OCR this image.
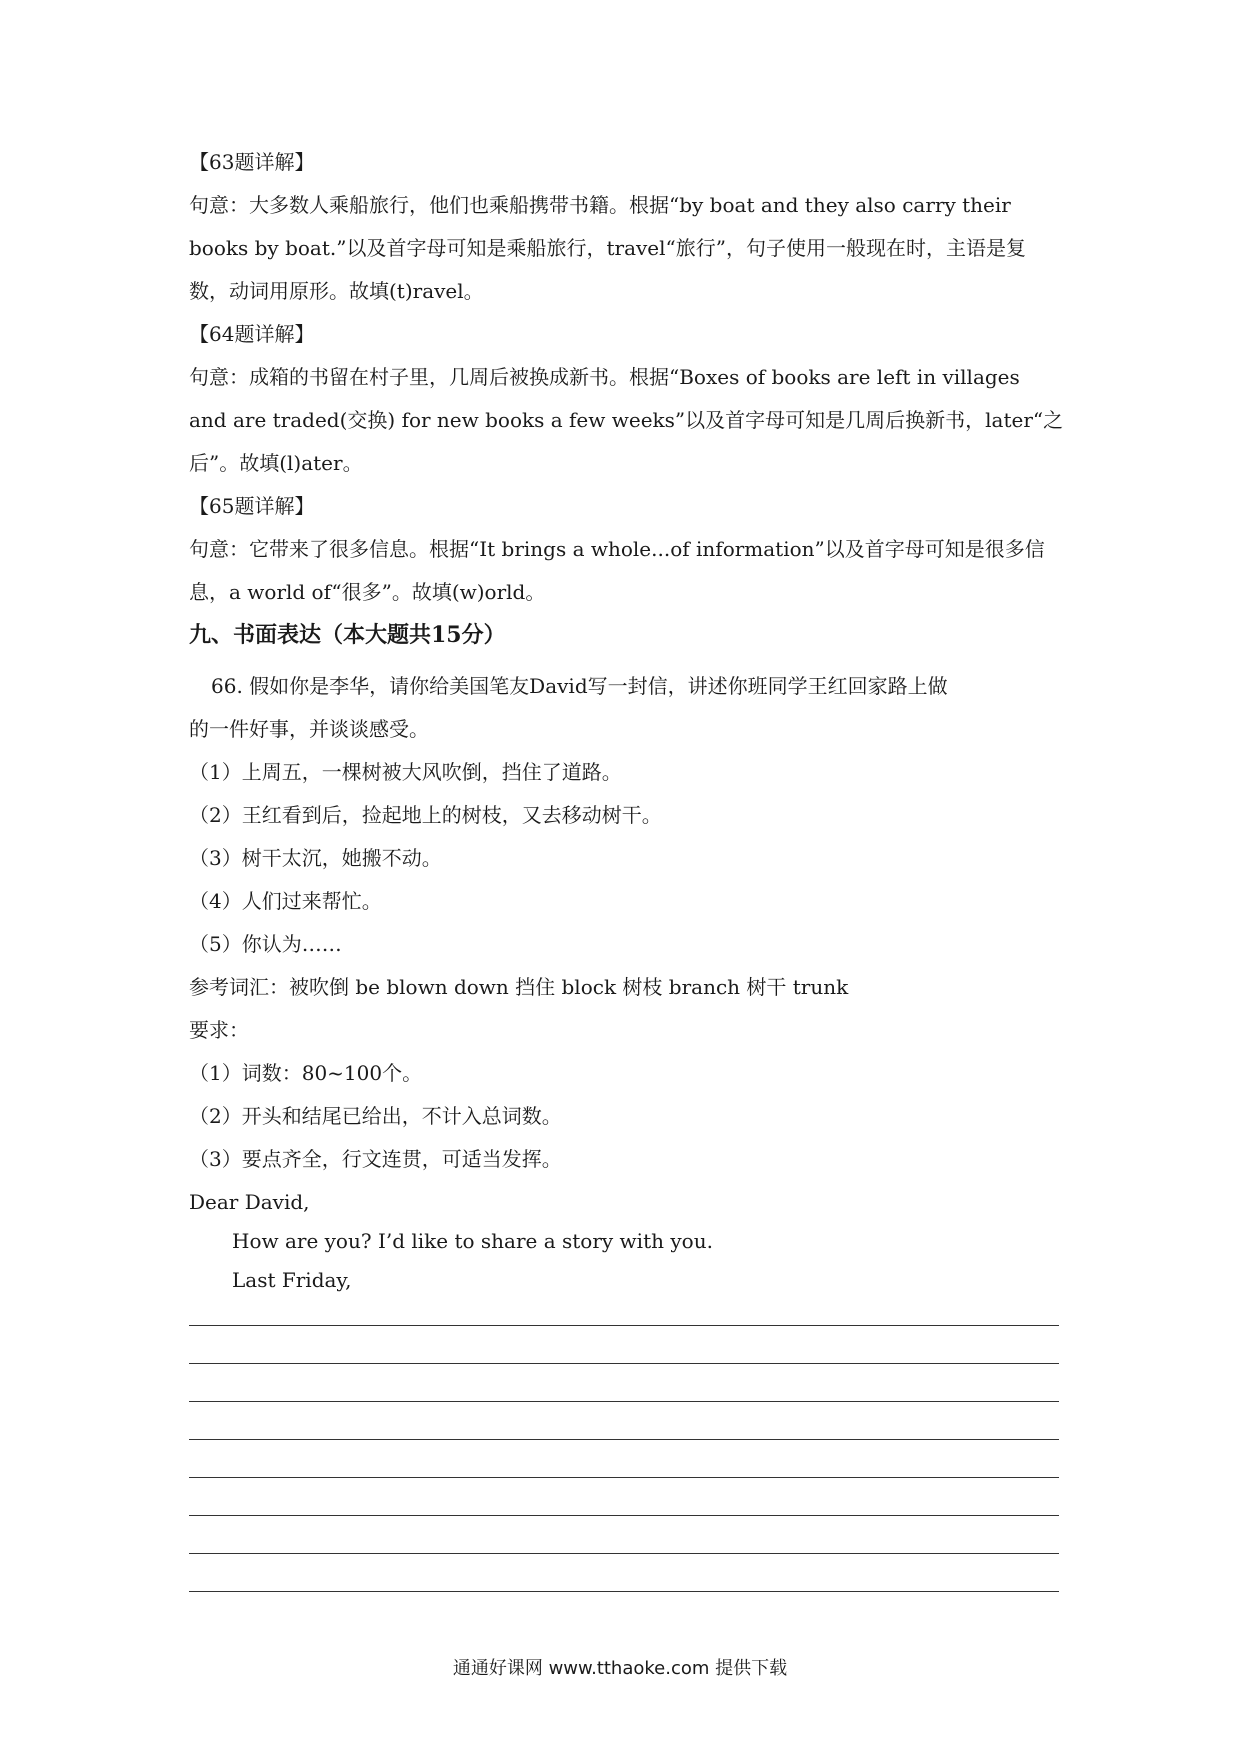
【63题详解】
句意：大多数人乘船旅行，他们也乘船携带书籍。根据“by boat and they also carry their
books by boat.”以及首字母可知是乘船旅行，travel“旅行”，句子使用一般现在时，主语是复
数，动词用原形。故填(t)ravel。
【64题详解】
句意：成箱的书留在村子里，几周后被换成新书。根据“Boxes of books are left in villages
and are traded(交换) for new books a few weeks”以及首字母可知是几周后换新书，later“之
后”。故填(l)ater。
【65题详解】
句意：它带来了很多信息。根据“It brings a whole...of information”以及首字母可知是很多信
息，a world of“很多”。故填(w)orld。
九、书面表达（本大题共15分）
66. 假如你是李华，请你给美国笔友David写一封信，讲述你班同学王红回家路上做
的一件好事，并谈谈感受。
（1）上周五，一棵树被大风吹倒，挡住了道路。
（2）王红看到后，捡起地上的树枝，又去移动树干。
（3）树干太沉，她搬不动。
（4）人们过来帮忙。
（5）你认为……
参考词汇：被吹倒 be blown down 挡住 block 树枝 branch 树干 trunk
要求：
（1）词数：80~100个。
（2）开头和结尾已给出，不计入总词数。
（3）要点齐全，行文连贯，可适当发挥。
Dear David,
How are you? I’d like to share a story with you.
Last Friday,
通通好课网 www.tthaoke.com 提供下载
